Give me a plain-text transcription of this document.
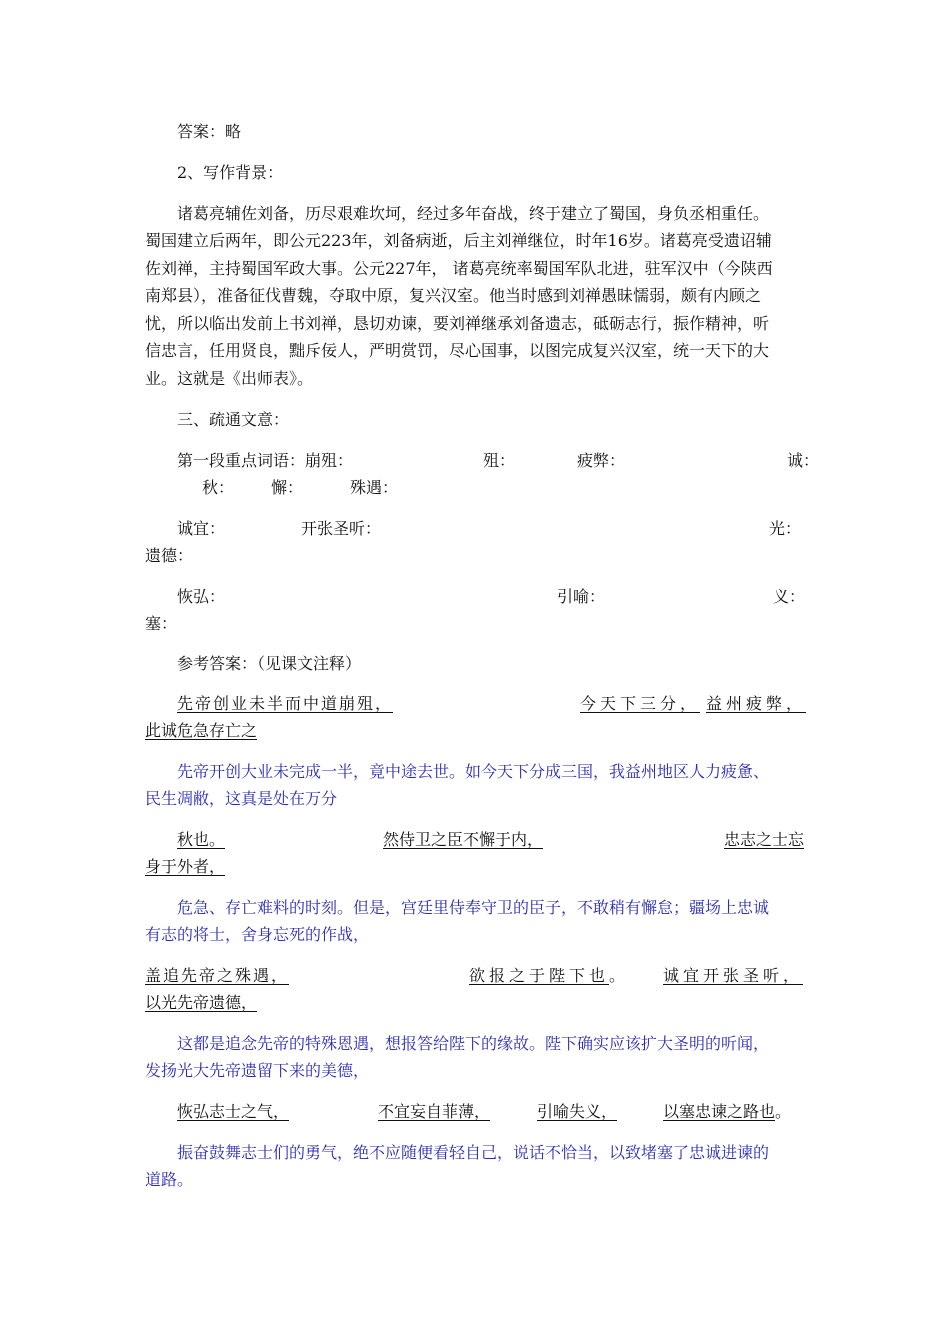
答案：略
2、写作背景：
诸葛亮辅佐刘备，历尽艰难坎坷，经过多年奋战，终于建立了蜀国，身负丞相重任。
蜀国建立后两年，即公元223年，刘备病逝，后主刘禅继位，时年16岁。诸葛亮受遗诏辅
佐刘禅，主持蜀国军政大事。公元227年， 诸葛亮统率蜀国军队北进，驻军汉中（今陕西
南郑县），准备征伐曹魏，夺取中原，复兴汉室。他当时感到刘禅愚昧懦弱，颇有内顾之
忧，所以临出发前上书刘禅，恳切劝谏，要刘禅继承刘备遗志，砥砺志行，振作精神，听
信忠言，任用贤良，黜斥佞人，严明赏罚，尽心国事，以图完成复兴汉室，统一天下的大
业。这就是《出师表》。
三、疏通文意：
第一段重点词语： 崩殂：	殂：	疲弊：	诚：
秋： 懈：	殊遇：
诚宜：	开张圣听：	光：
遗德：
恢弘：	引喻：	义：
塞：
参考答案：（见课文注释）
先帝创业未半而中道崩殂，	今天下三分， 益州疲弊，
此诚危急存亡之
先帝开创大业未完成一半，竟中途去世。如今天下分成三国，我益州地区人力疲惫、
民生凋敝，这真是处在万分
秋也。	然侍卫之臣不懈于内，	忠志之士忘
身于外者，
危急、存亡难料的时刻。但是，宫廷里侍奉守卫的臣子，不敢稍有懈怠；疆场上忠诚
有志的将士，舍身忘死的作战，
盖追先帝之殊遇，	欲报之于陛下也。 诚宜开张圣听，
以光先帝遗德，
这都是追念先帝的特殊恩遇，想报答给陛下的缘故。陛下确实应该扩大圣明的听闻，
发扬光大先帝遗留下来的美德，
恢弘志士之气，	不宜妄自菲薄，	引喻失义，	以塞忠谏之路也。
振奋鼓舞志士们的勇气，绝不应随便看轻自己，说话不恰当，以致堵塞了忠诚进谏的
道路。
